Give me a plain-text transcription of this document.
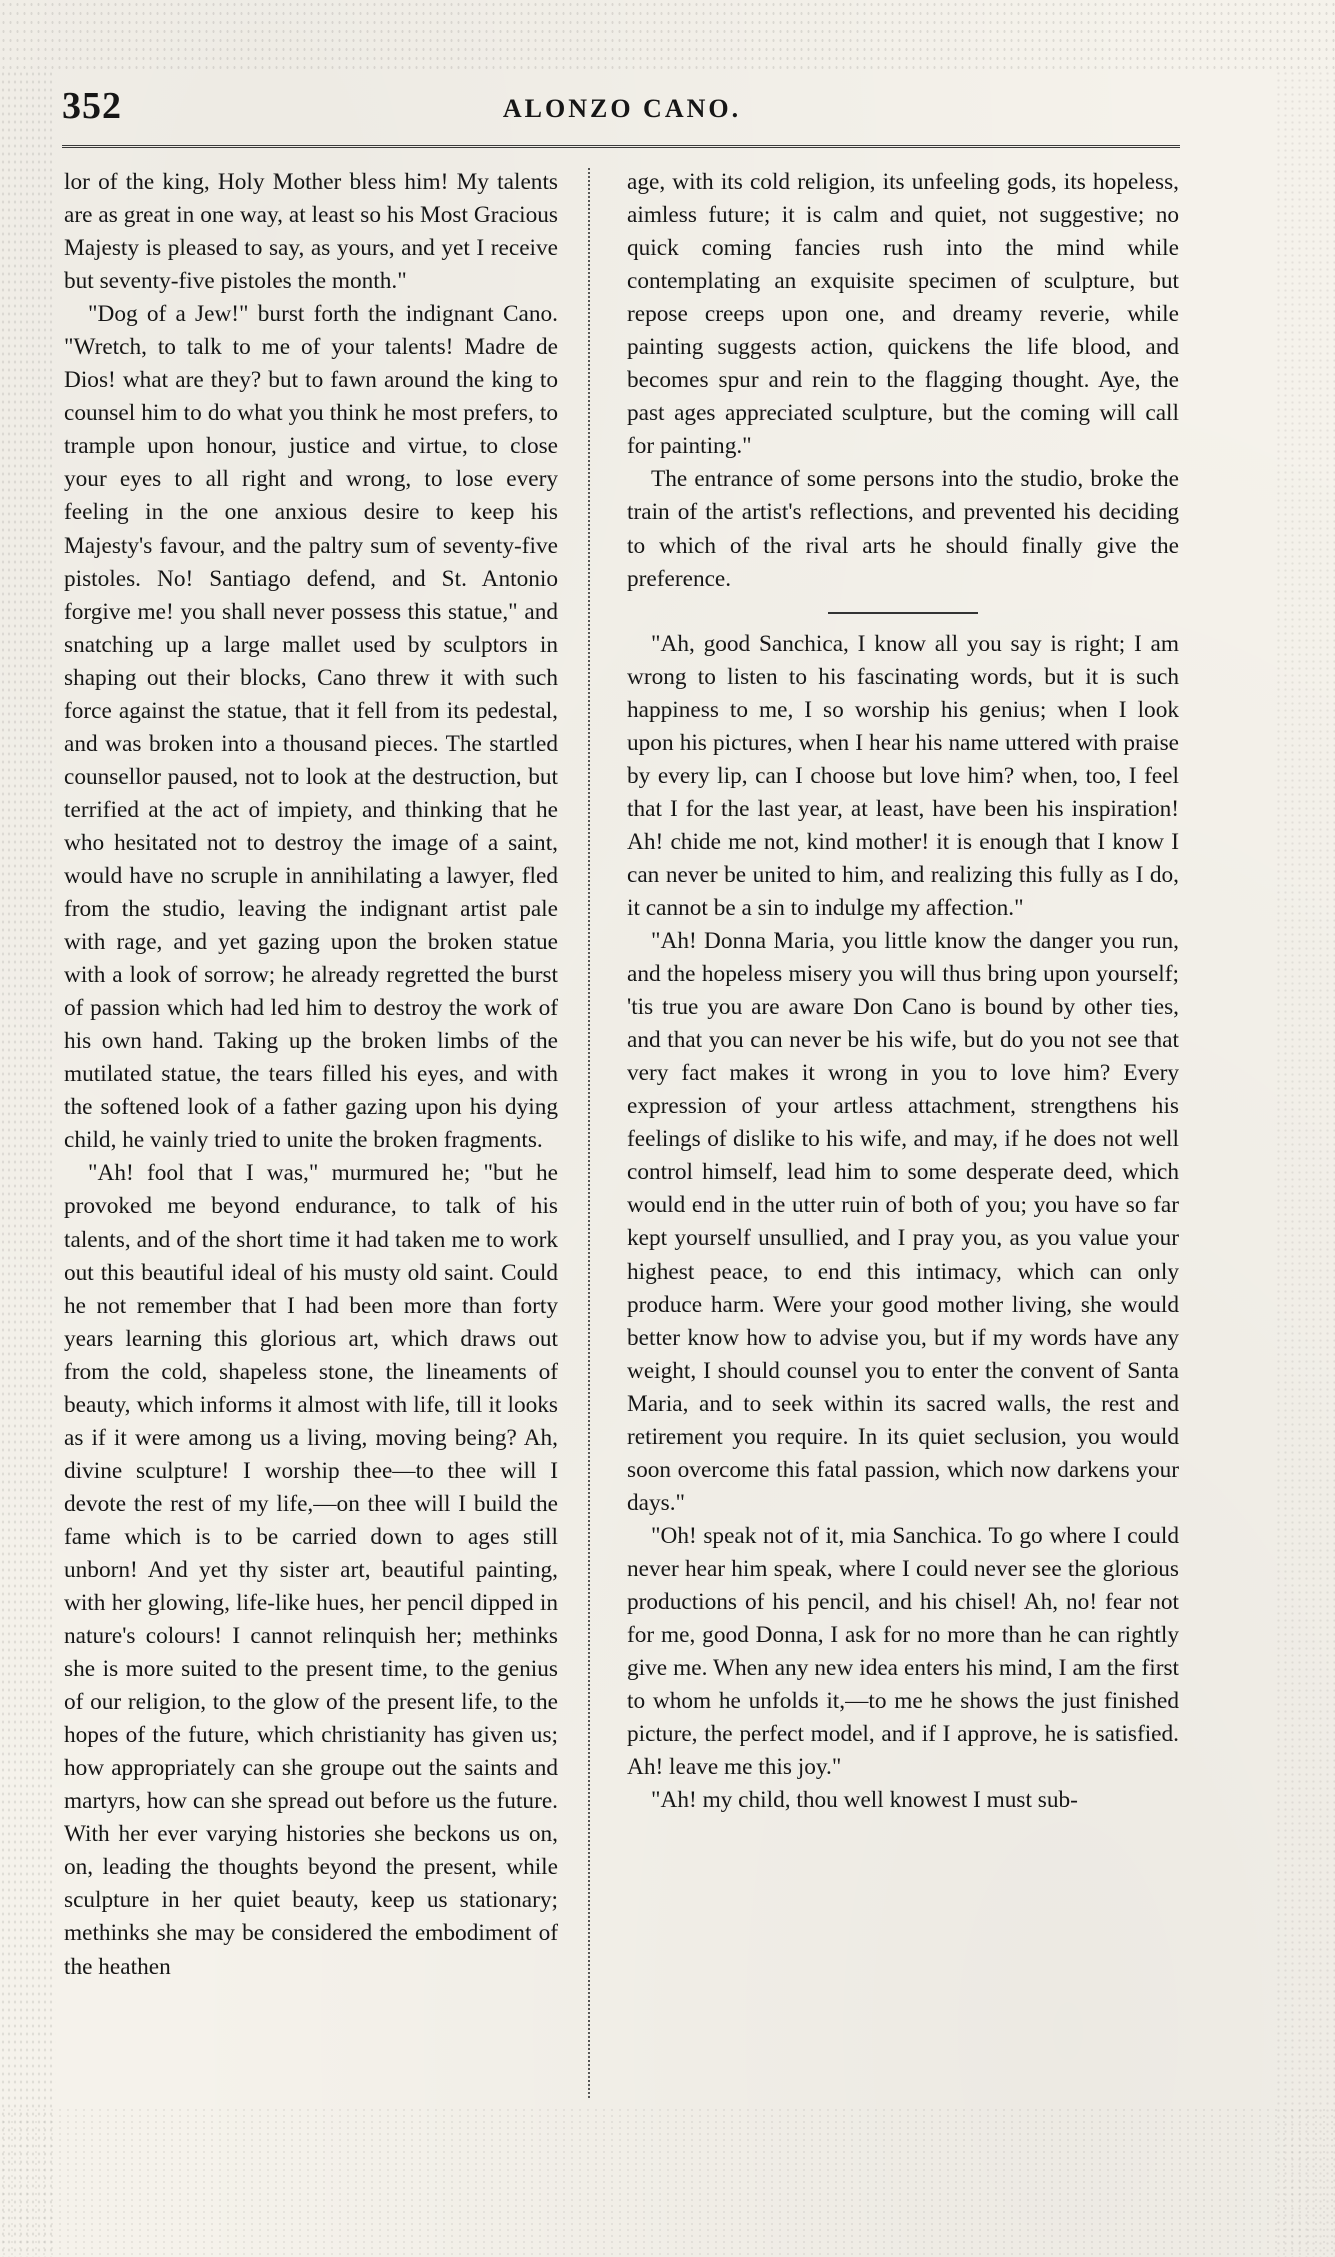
352	ALONZO CANO.

lor of the king, Holy Mother bless him! My talents are as great in one way, at least so his Most Gracious Majesty is pleased to say, as yours, and yet I receive but seventy-five pistoles the month."

"Dog of a Jew!" burst forth the indignant Cano. "Wretch, to talk to me of your talents! Madre de Dios! what are they? but to fawn around the king to counsel him to do what you think he most prefers, to trample upon honour, justice and virtue, to close your eyes to all right and wrong, to lose every feeling in the one anxious desire to keep his Majesty's favour, and the paltry sum of seventy-five pistoles. No! Santiago defend, and St. Antonio forgive me! you shall never possess this statue," and snatching up a large mallet used by sculptors in shaping out their blocks, Cano threw it with such force against the statue, that it fell from its pedestal, and was broken into a thousand pieces. The startled counsellor paused, not to look at the destruction, but terrified at the act of impiety, and thinking that he who hesitated not to destroy the image of a saint, would have no scruple in annihilating a lawyer, fled from the studio, leaving the indignant artist pale with rage, and yet gazing upon the broken statue with a look of sorrow; he already regretted the burst of passion which had led him to destroy the work of his own hand. Taking up the broken limbs of the mutilated statue, the tears filled his eyes, and with the softened look of a father gazing upon his dying child, he vainly tried to unite the broken fragments.

"Ah! fool that I was," murmured he; "but he provoked me beyond endurance, to talk of his talents, and of the short time it had taken me to work out this beautiful ideal of his musty old saint. Could he not remember that I had been more than forty years learning this glorious art, which draws out from the cold, shapeless stone, the lineaments of beauty, which informs it almost with life, till it looks as if it were among us a living, moving being? Ah, divine sculpture! I worship thee—to thee will I devote the rest of my life,—on thee will I build the fame which is to be carried down to ages still unborn! And yet thy sister art, beautiful painting, with her glowing, life-like hues, her pencil dipped in nature's colours! I cannot relinquish her; methinks she is more suited to the present time, to the genius of our religion, to the glow of the present life, to the hopes of the future, which christianity has given us; how appropriately can she groupe out the saints and martyrs, how can she spread out before us the future. With her ever varying histories she beckons us on, on, leading the thoughts beyond the present, while sculpture in her quiet beauty, keep us stationary; methinks she may be considered the embodiment of the heathen

age, with its cold religion, its unfeeling gods, its hopeless, aimless future; it is calm and quiet, not suggestive; no quick coming fancies rush into the mind while contemplating an exquisite specimen of sculpture, but repose creeps upon one, and dreamy reverie, while painting suggests action, quickens the life blood, and becomes spur and rein to the flagging thought. Aye, the past ages appreciated sculpture, but the coming will call for painting."

The entrance of some persons into the studio, broke the train of the artist's reflections, and prevented his deciding to which of the rival arts he should finally give the preference.

"Ah, good Sanchica, I know all you say is right; I am wrong to listen to his fascinating words, but it is such happiness to me, I so worship his genius; when I look upon his pictures, when I hear his name uttered with praise by every lip, can I choose but love him? when, too, I feel that I for the last year, at least, have been his inspiration! Ah! chide me not, kind mother! it is enough that I know I can never be united to him, and realizing this fully as I do, it cannot be a sin to indulge my affection."

"Ah! Donna Maria, you little know the danger you run, and the hopeless misery you will thus bring upon yourself; 'tis true you are aware Don Cano is bound by other ties, and that you can never be his wife, but do you not see that very fact makes it wrong in you to love him? Every expression of your artless attachment, strengthens his feelings of dislike to his wife, and may, if he does not well control himself, lead him to some desperate deed, which would end in the utter ruin of both of you; you have so far kept yourself unsullied, and I pray you, as you value your highest peace, to end this intimacy, which can only produce harm. Were your good mother living, she would better know how to advise you, but if my words have any weight, I should counsel you to enter the convent of Santa Maria, and to seek within its sacred walls, the rest and retirement you require. In its quiet seclusion, you would soon overcome this fatal passion, which now darkens your days."

"Oh! speak not of it, mia Sanchica. To go where I could never hear him speak, where I could never see the glorious productions of his pencil, and his chisel! Ah, no! fear not for me, good Donna, I ask for no more than he can rightly give me. When any new idea enters his mind, I am the first to whom he unfolds it,—to me he shows the just finished picture, the perfect model, and if I approve, he is satisfied. Ah! leave me this joy."

"Ah! my child, thou well knowest I must sub-
